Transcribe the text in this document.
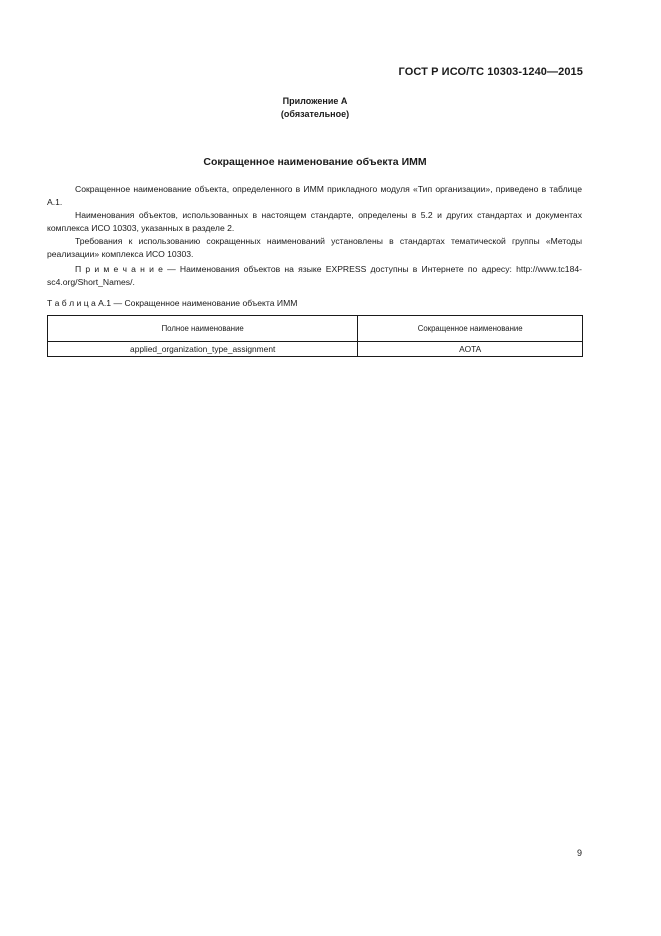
ГОСТ Р ИСО/ТС 10303-1240—2015
Приложение А
(обязательное)
Сокращенное наименование объекта ИММ

Сокращенное наименование объекта, определенного в ИММ прикладного модуля «Тип организации», приведено в таблице А.1.

Наименования объектов, использованных в настоящем стандарте, определены в 5.2 и других стандартах и документах комплекса ИСО 10303, указанных в разделе 2.

Требования к использованию сокращенных наименований установлены в стандартах тематической группы «Методы реализации» комплекса ИСО 10303.

П р и м е ч а н и е — Наименования объектов на языке EXPRESS доступны в Интернете по адресу: http://www.tc184-sc4.org/Short_Names/.

Т а б л и ц а А.1 — Сокращенное наименование объекта ИММ
Полное наименование	Сокращенное наименование
applied_organization_type_assignment	AOTA
9
